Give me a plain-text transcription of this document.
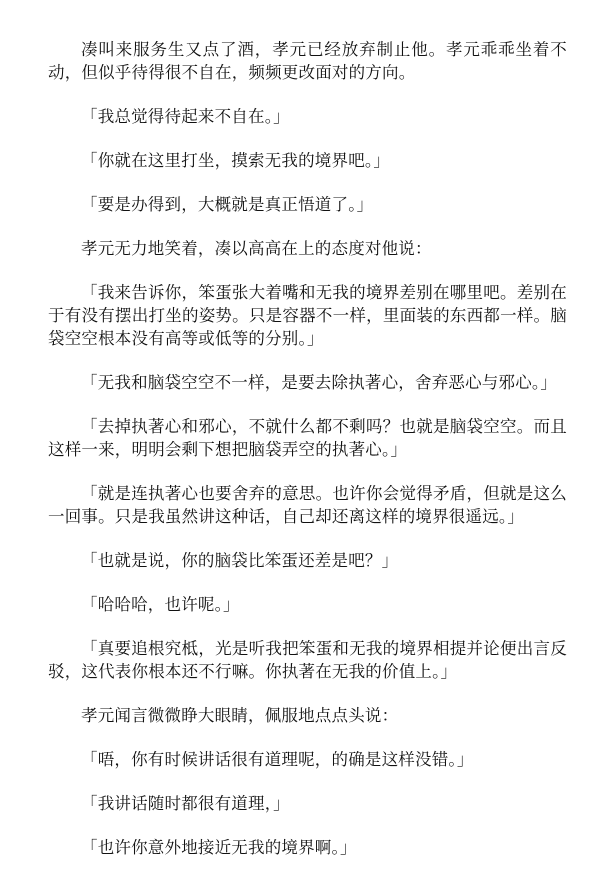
凑叫来服务生又点了酒，孝元已经放弃制止他。孝元乖乖坐着不动，但似乎待得很不自在，频频更改面对的方向。

「我总觉得待起来不自在。」

「你就在这里打坐，摸索无我的境界吧。」

「要是办得到，大概就是真正悟道了。」

孝元无力地笑着，凑以高高在上的态度对他说：

「我来告诉你，笨蛋张大着嘴和无我的境界差别在哪里吧。差别在于有没有摆出打坐的姿势。只是容器不一样，里面装的东西都一样。脑袋空空根本没有高等或低等的分别。」

「无我和脑袋空空不一样，是要去除执著心，舍弃恶心与邪心。」

「去掉执著心和邪心，不就什么都不剩吗？也就是脑袋空空。而且这样一来，明明会剩下想把脑袋弄空的执著心。」

「就是连执著心也要舍弃的意思。也许你会觉得矛盾，但就是这么一回事。只是我虽然讲这种话，自己却还离这样的境界很遥远。」

「也就是说，你的脑袋比笨蛋还差是吧？」

「哈哈哈，也许呢。」

「真要追根究柢，光是听我把笨蛋和无我的境界相提并论便出言反驳，这代表你根本还不行嘛。你执著在无我的价值上。」

孝元闻言微微睁大眼睛，佩服地点点头说：

「唔，你有时候讲话很有道理呢，的确是这样没错。」

「我讲话随时都很有道理，」

「也许你意外地接近无我的境界啊。」
